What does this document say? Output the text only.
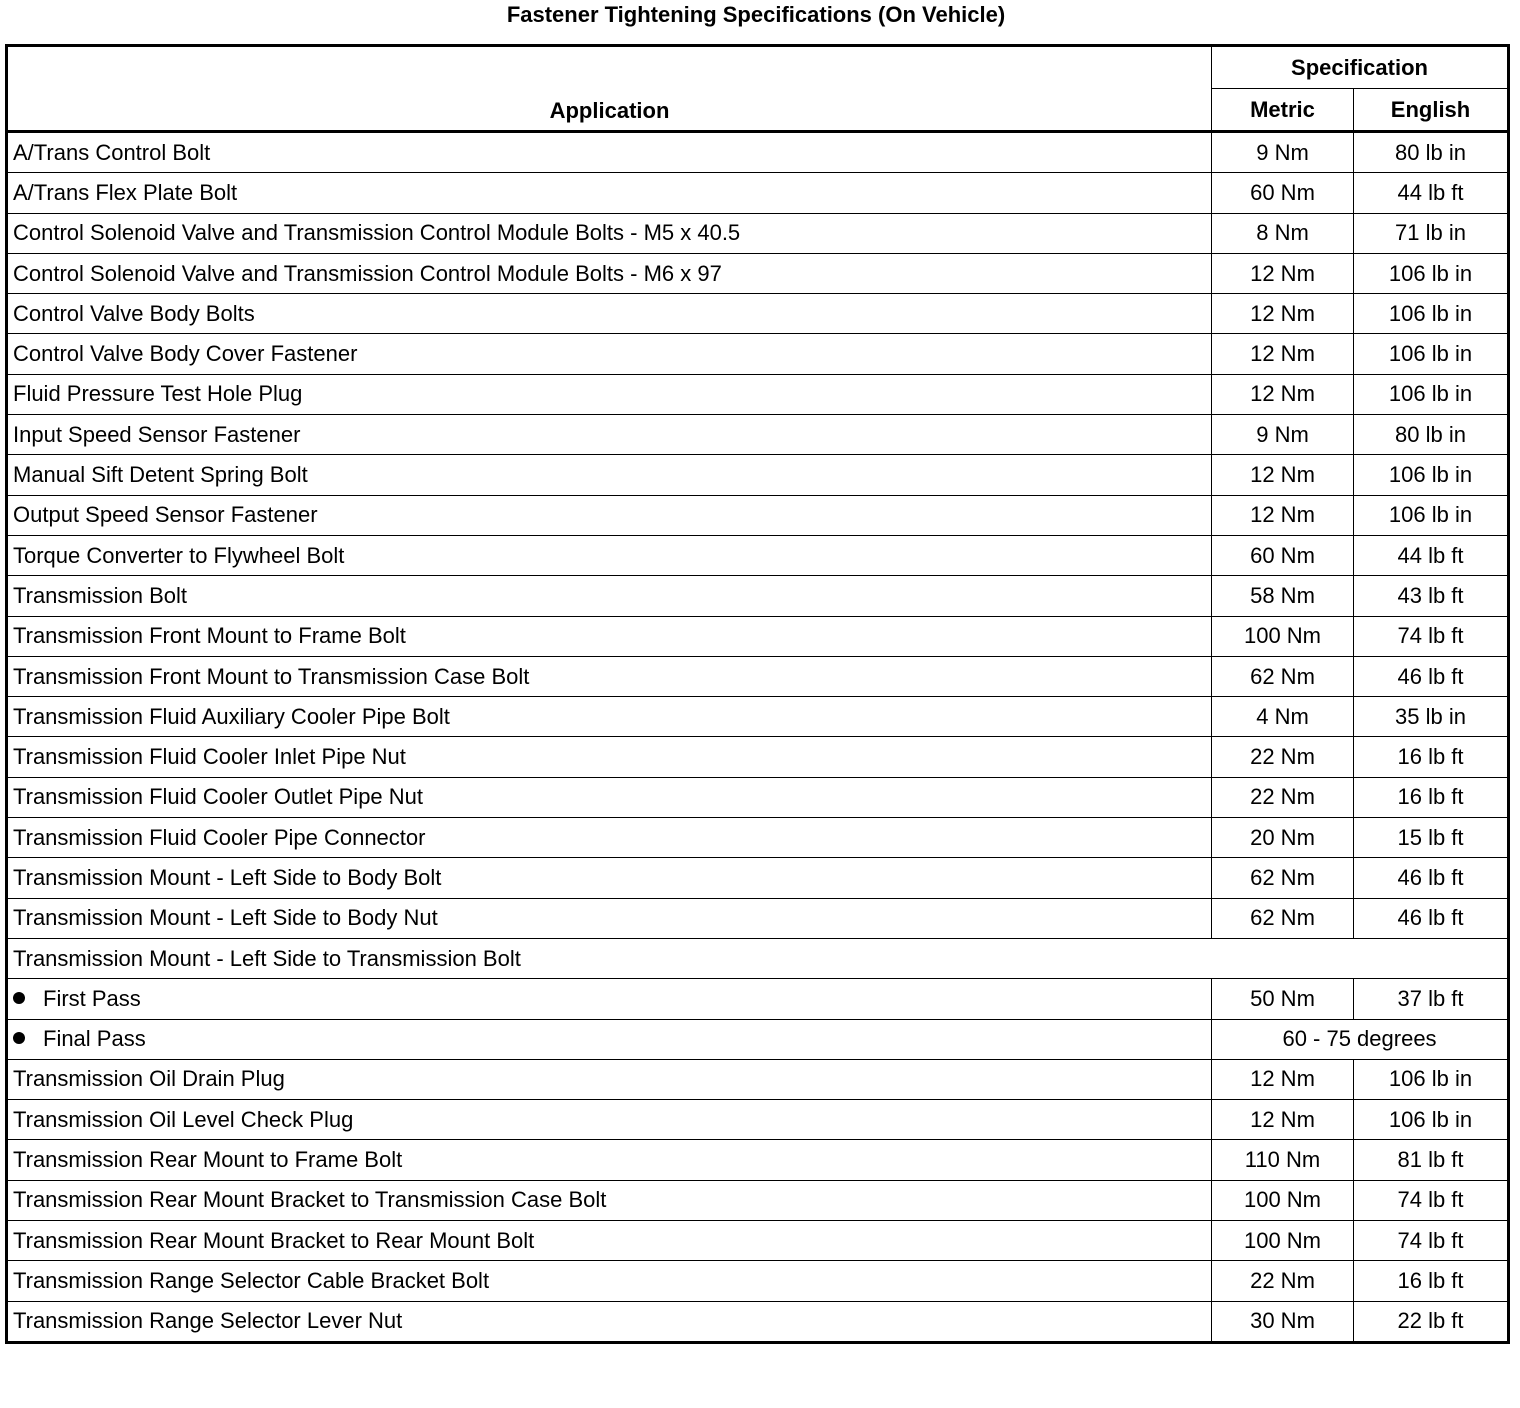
Fastener Tightening Specifications (On Vehicle)
Application	Specification	
	Metric	English
A/Trans Control Bolt	9 Nm	80 lb in
A/Trans Flex Plate Bolt	60 Nm	44 lb ft
Control Solenoid Valve and Transmission Control Module Bolts - M5 x 40.5	8 Nm	71 lb in
Control Solenoid Valve and Transmission Control Module Bolts - M6 x 97	12 Nm	106 lb in
Control Valve Body Bolts	12 Nm	106 lb in
Control Valve Body Cover Fastener	12 Nm	106 lb in
Fluid Pressure Test Hole Plug	12 Nm	106 lb in
Input Speed Sensor Fastener	9 Nm	80 lb in
Manual Sift Detent Spring Bolt	12 Nm	106 lb in
Output Speed Sensor Fastener	12 Nm	106 lb in
Torque Converter to Flywheel Bolt	60 Nm	44 lb ft
Transmission Bolt	58 Nm	43 lb ft
Transmission Front Mount to Frame Bolt	100 Nm	74 lb ft
Transmission Front Mount to Transmission Case Bolt	62 Nm	46 lb ft
Transmission Fluid Auxiliary Cooler Pipe Bolt	4 Nm	35 lb in
Transmission Fluid Cooler Inlet Pipe Nut	22 Nm	16 lb ft
Transmission Fluid Cooler Outlet Pipe Nut	22 Nm	16 lb ft
Transmission Fluid Cooler Pipe Connector	20 Nm	15 lb ft
Transmission Mount - Left Side to Body Bolt	62 Nm	46 lb ft
Transmission Mount - Left Side to Body Nut	62 Nm	46 lb ft
Transmission Mount - Left Side to Transmission Bolt		
First Pass	50 Nm	37 lb ft
Final Pass	60 - 75 degrees	
Transmission Oil Drain Plug	12 Nm	106 lb in
Transmission Oil Level Check Plug	12 Nm	106 lb in
Transmission Rear Mount to Frame Bolt	110 Nm	81 lb ft
Transmission Rear Mount Bracket to Transmission Case Bolt	100 Nm	74 lb ft
Transmission Rear Mount Bracket to Rear Mount Bolt	100 Nm	74 lb ft
Transmission Range Selector Cable Bracket Bolt	22 Nm	16 lb ft
Transmission Range Selector Lever Nut	30 Nm	22 lb ft
